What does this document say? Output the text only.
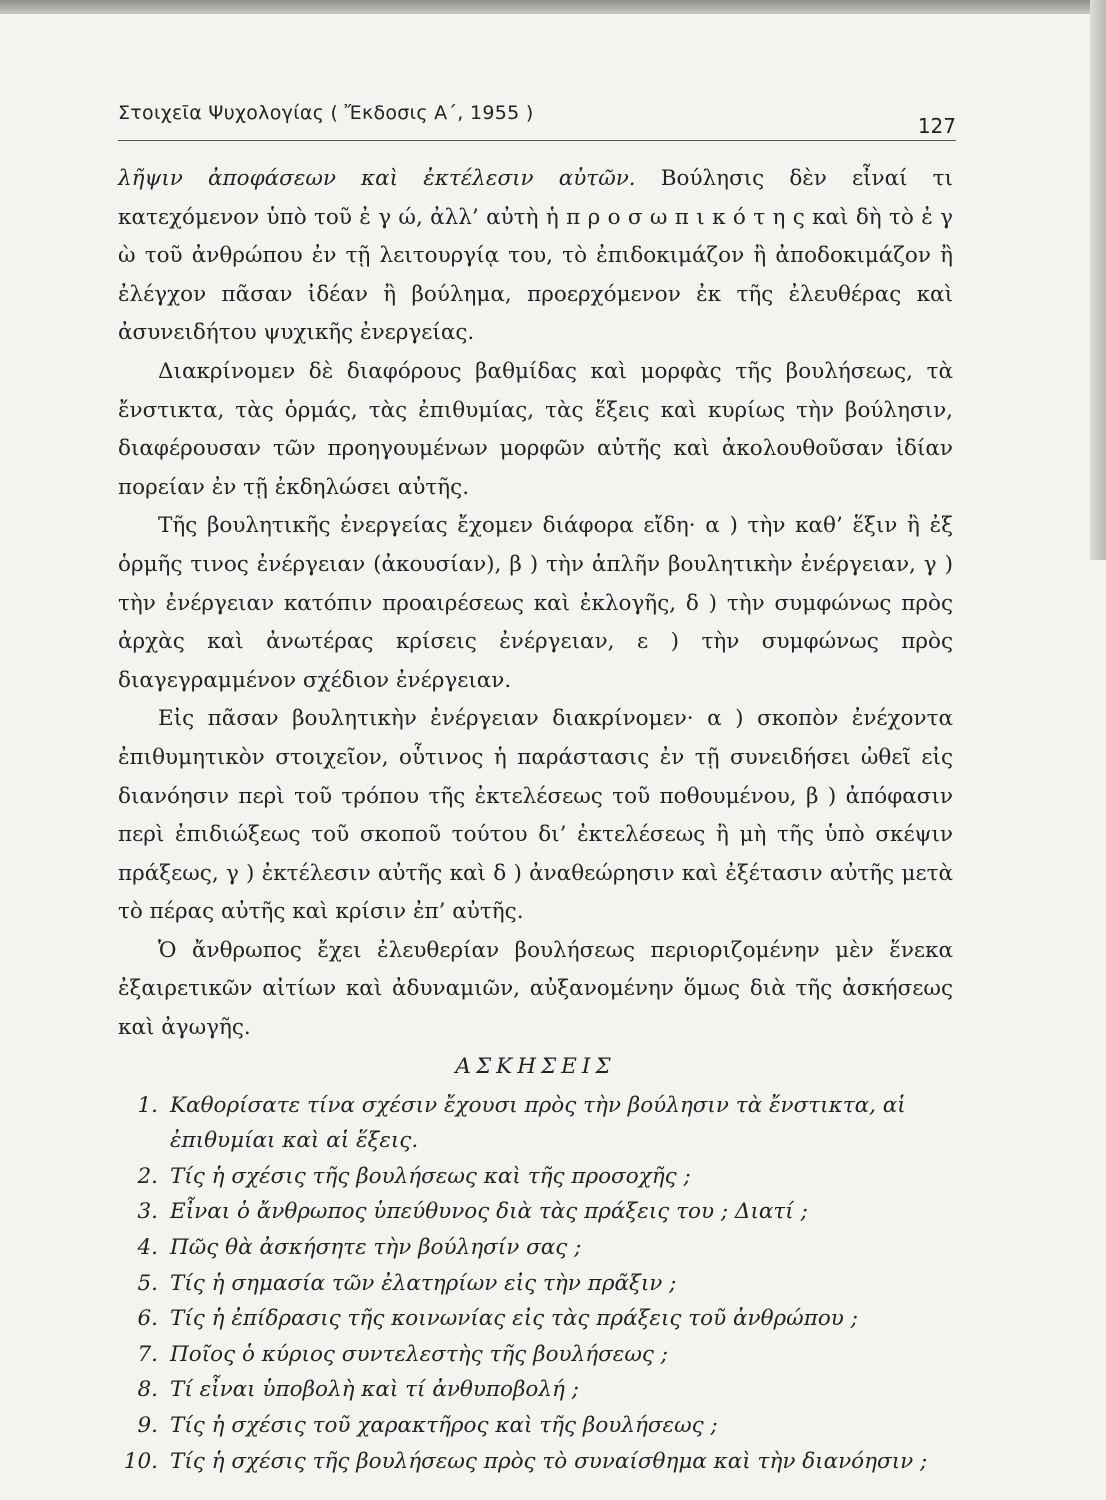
Στοιχεῖα Ψυχολογίας ( Ἔκδοσις Α΄, 1955 )
127

λῆψιν ἀποφάσεων καὶ ἐκτέλεσιν αὐτῶν. Βούλησις δὲν εἶναί τι κατεχόμενον ὑπὸ τοῦ ἐ γ ώ, ἀλλ’ αὐτὴ ἡ π ρ ο σ ω π ι κ ό τ η ς καὶ δὴ τὸ ἐ γ ὼ τοῦ ἀνθρώπου ἐν τῇ λειτουργίᾳ του, τὸ ἐπιδοκιμάζον ἢ ἀποδοκιμάζον ἢ ἐλέγχον πᾶσαν ἰδέαν ἢ βούλημα, προερχόμενον ἐκ τῆς ἐλευθέρας καὶ ἀσυνειδήτου ψυχικῆς ἐνεργείας.

Διακρίνομεν δὲ διαφόρους βαθμίδας καὶ μορφὰς τῆς βουλήσεως, τὰ ἔνστικτα, τὰς ὁρμάς, τὰς ἐπιθυμίας, τὰς ἕξεις καὶ κυρίως τὴν βούλησιν, διαφέρουσαν τῶν προηγουμένων μορφῶν αὐτῆς καὶ ἀκολουθοῦσαν ἰδίαν πορείαν ἐν τῇ ἐκδηλώσει αὐτῆς.

Τῆς βουλητικῆς ἐνεργείας ἔχομεν διάφορα εἴδη· α ) τὴν καθ’ ἕξιν ἢ ἐξ ὁρμῆς τινος ἐνέργειαν (ἀκουσίαν), β ) τὴν ἁπλῆν βουλητικὴν ἐνέργειαν, γ ) τὴν ἐνέργειαν κατόπιν προαιρέσεως καὶ ἐκλογῆς, δ ) τὴν συμφώνως πρὸς ἀρχὰς καὶ ἀνωτέρας κρίσεις ἐνέργειαν, ε ) τὴν συμφώνως πρὸς διαγεγραμμένον σχέδιον ἐνέργειαν.

Εἰς πᾶσαν βουλητικὴν ἐνέργειαν διακρίνομεν· α ) σκοπὸν ἐνέχοντα ἐπιθυμητικὸν στοιχεῖον, οὗτινος ἡ παράστασις ἐν τῇ συνειδήσει ὠθεῖ εἰς διανόησιν περὶ τοῦ τρόπου τῆς ἐκτελέσεως τοῦ ποθουμένου, β ) ἀπόφασιν περὶ ἐπιδιώξεως τοῦ σκοποῦ τούτου δι’ ἐκτελέσεως ἢ μὴ τῆς ὑπὸ σκέψιν πράξεως, γ ) ἐκτέλεσιν αὐτῆς καὶ δ ) ἀναθεώρησιν καὶ ἐξέτασιν αὐτῆς μετὰ τὸ πέρας αὐτῆς καὶ κρίσιν ἐπ’ αὐτῆς.

Ὁ ἄνθρωπος ἔχει ἐλευθερίαν βουλήσεως περιοριζομένην μὲν ἕνεκα ἐξαιρετικῶν αἰτίων καὶ ἀδυναμιῶν, αὐξανομένην ὅμως διὰ τῆς ἀσκήσεως καὶ ἀγωγῆς.

ΑΣΚΗΣΕΙΣ
1. Καθορίσατε τίνα σχέσιν ἔχουσι πρὸς τὴν βούλησιν τὰ ἔνστικτα, αἱ ἐπιθυμίαι καὶ αἱ ἕξεις.
2. Τίς ἡ σχέσις τῆς βουλήσεως καὶ τῆς προσοχῆς ;
3. Εἶναι ὁ ἄνθρωπος ὑπεύθυνος διὰ τὰς πράξεις του ; Διατί ;
4. Πῶς θὰ ἀσκήσητε τὴν βούλησίν σας ;
5. Τίς ἡ σημασία τῶν ἐλατηρίων εἰς τὴν πρᾶξιν ;
6. Τίς ἡ ἐπίδρασις τῆς κοινωνίας εἰς τὰς πράξεις τοῦ ἀνθρώπου ;
7. Ποῖος ὁ κύριος συντελεστὴς τῆς βουλήσεως ;
8. Τί εἶναι ὑποβολὴ καὶ τί ἀνθυποβολή ;
9. Τίς ἡ σχέσις τοῦ χαρακτῆρος καὶ τῆς βουλήσεως ;
10. Τίς ἡ σχέσις τῆς βουλήσεως πρὸς τὸ συναίσθημα καὶ τὴν διανόησιν ;
